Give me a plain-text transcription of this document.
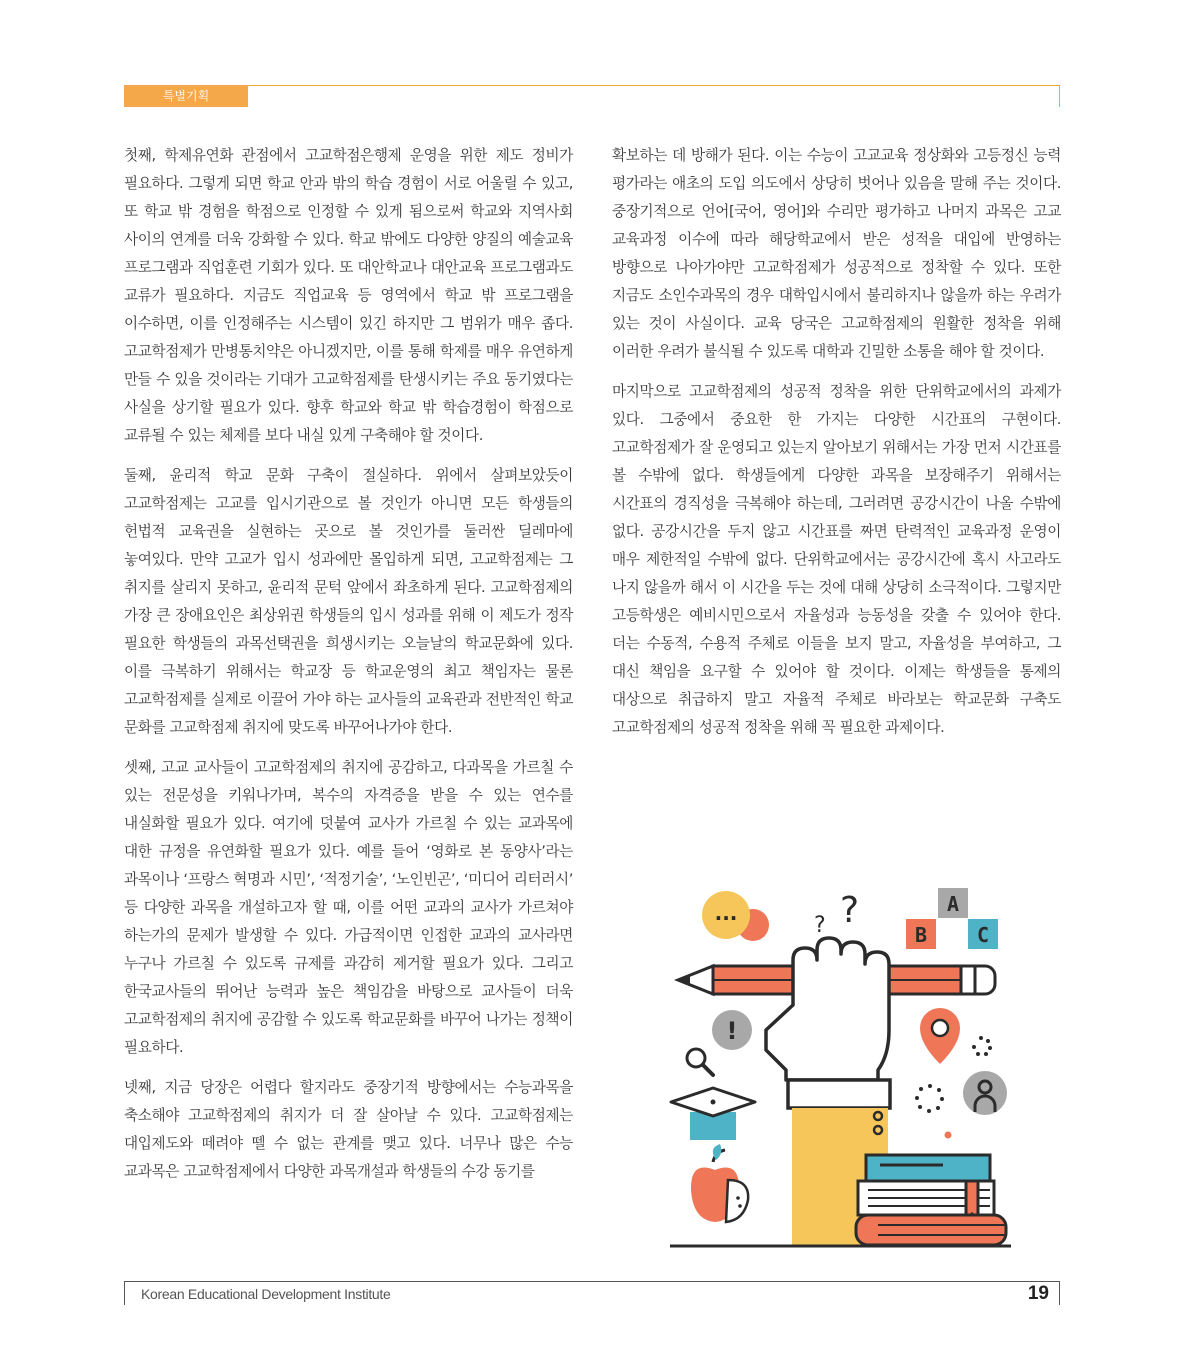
특별기획

첫째, 학제유연화 관점에서 고교학점은행제 운영을 위한 제도 정비가 필요하다. 그렇게 되면 학교 안과 밖의 학습 경험이 서로 어울릴 수 있고, 또 학교 밖 경험을 학점으로 인정할 수 있게 됨으로써 학교와 지역사회 사이의 연계를 더욱 강화할 수 있다. 학교 밖에도 다양한 양질의 예술교육 프로그램과 직업훈련 기회가 있다. 또 대안학교나 대안교육 프로그램과도 교류가 필요하다. 지금도 직업교육 등 영역에서 학교 밖 프로그램을 이수하면, 이를 인정해주는 시스템이 있긴 하지만 그 범위가 매우 좁다. 고교학점제가 만병통치약은 아니겠지만, 이를 통해 학제를 매우 유연하게 만들 수 있을 것이라는 기대가 고교학점제를 탄생시키는 주요 동기였다는 사실을 상기할 필요가 있다. 향후 학교와 학교 밖 학습경험이 학점으로 교류될 수 있는 체제를 보다 내실 있게 구축해야 할 것이다.

둘째, 윤리적 학교 문화 구축이 절실하다. 위에서 살펴보았듯이 고교학점제는 고교를 입시기관으로 볼 것인가 아니면 모든 학생들의 헌법적 교육권을 실현하는 곳으로 볼 것인가를 둘러싼 딜레마에 놓여있다. 만약 고교가 입시 성과에만 몰입하게 되면, 고교학점제는 그 취지를 살리지 못하고, 윤리적 문턱 앞에서 좌초하게 된다. 고교학점제의 가장 큰 장애요인은 최상위권 학생들의 입시 성과를 위해 이 제도가 정작 필요한 학생들의 과목선택권을 희생시키는 오늘날의 학교문화에 있다. 이를 극복하기 위해서는 학교장 등 학교운영의 최고 책임자는 물론 고교학점제를 실제로 이끌어 가야 하는 교사들의 교육관과 전반적인 학교 문화를 고교학점제 취지에 맞도록 바꾸어나가야 한다.

셋째, 고교 교사들이 고교학점제의 취지에 공감하고, 다과목을 가르칠 수 있는 전문성을 키워나가며, 복수의 자격증을 받을 수 있는 연수를 내실화할 필요가 있다. 여기에 덧붙여 교사가 가르칠 수 있는 교과목에 대한 규정을 유연화할 필요가 있다. 예를 들어 ‘영화로 본 동양사’라는 과목이나 ‘프랑스 혁명과 시민’, ‘적정기술’, ‘노인빈곤’, ‘미디어 리터러시’ 등 다양한 과목을 개설하고자 할 때, 이를 어떤 교과의 교사가 가르쳐야 하는가의 문제가 발생할 수 있다. 가급적이면 인접한 교과의 교사라면 누구나 가르칠 수 있도록 규제를 과감히 제거할 필요가 있다. 그리고 한국교사들의 뛰어난 능력과 높은 책임감을 바탕으로 교사들이 더욱 고교학점제의 취지에 공감할 수 있도록 학교문화를 바꾸어 나가는 정책이 필요하다.

넷째, 지금 당장은 어렵다 할지라도 중장기적 방향에서는 수능과목을 축소해야 고교학점제의 취지가 더 잘 살아날 수 있다. 고교학점제는 대입제도와 떼려야 뗄 수 없는 관계를 맺고 있다. 너무나 많은 수능 교과목은 고교학점제에서 다양한 과목개설과 학생들의 수강 동기를

확보하는 데 방해가 된다. 이는 수능이 고교교육 정상화와 고등정신 능력 평가라는 애초의 도입 의도에서 상당히 벗어나 있음을 말해 주는 것이다. 중장기적으로 언어[국어, 영어]와 수리만 평가하고 나머지 과목은 고교 교육과정 이수에 따라 해당학교에서 받은 성적을 대입에 반영하는 방향으로 나아가야만 고교학점제가 성공적으로 정착할 수 있다. 또한 지금도 소인수과목의 경우 대학입시에서 불리하지나 않을까 하는 우려가 있는 것이 사실이다. 교육 당국은 고교학점제의 원활한 정착을 위해 이러한 우려가 불식될 수 있도록 대학과 긴밀한 소통을 해야 할 것이다.

마지막으로 고교학점제의 성공적 정착을 위한 단위학교에서의 과제가 있다. 그중에서 중요한 한 가지는 다양한 시간표의 구현이다. 고교학점제가 잘 운영되고 있는지 알아보기 위해서는 가장 먼저 시간표를 볼 수밖에 없다. 학생들에게 다양한 과목을 보장해주기 위해서는 시간표의 경직성을 극복해야 하는데, 그러려면 공강시간이 나올 수밖에 없다. 공강시간을 두지 않고 시간표를 짜면 탄력적인 교육과정 운영이 매우 제한적일 수밖에 없다. 단위학교에서는 공강시간에 혹시 사고라도 나지 않을까 해서 이 시간을 두는 것에 대해 상당히 소극적이다. 그렇지만 고등학생은 예비시민으로서 자율성과 능동성을 갖출 수 있어야 한다. 더는 수동적, 수용적 주체로 이들을 보지 말고, 자율성을 부여하고, 그 대신 책임을 요구할 수 있어야 할 것이다. 이제는 학생들을 통제의 대상으로 취급하지 말고 자율적 주체로 바라보는 학교문화 구축도 고교학점제의 성공적 정착을 위해 꼭 필요한 과제이다.

...	? ?	A
B C
!
Korean Educational Development Institute	19
